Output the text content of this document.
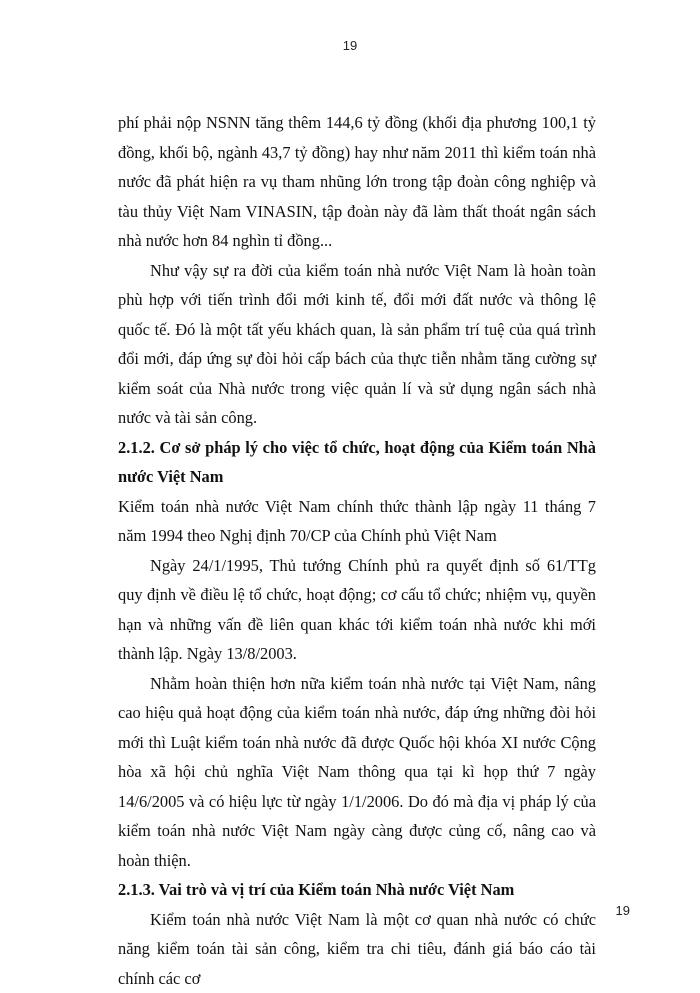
19

phí phải nộp NSNN tăng thêm 144,6 tỷ đồng (khối địa phương 100,1 tỷ đồng, khối bộ, ngành 43,7 tỷ đồng) hay như năm 2011 thì kiểm toán nhà nước đã phát hiện ra vụ tham nhũng lớn trong tập đoàn công nghiệp và tàu thủy Việt Nam VINASIN, tập đoàn này đã làm thất thoát ngân sách nhà nước hơn 84 nghìn tỉ đồng...

Như vậy sự ra đời của kiểm toán nhà nước Việt Nam là hoàn toàn phù hợp với tiến trình đổi mới kinh tế, đổi mới đất nước và thông lệ quốc tế. Đó là một tất yếu khách quan, là sản phẩm trí tuệ của quá trình đổi mới, đáp ứng sự đòi hỏi cấp bách của thực tiễn nhằm tăng cường sự kiểm soát của Nhà nước trong việc quản lí và sử dụng ngân sách nhà nước và tài sản công.

2.1.2. Cơ sở pháp lý cho việc tổ chức, hoạt động của Kiểm toán Nhà nước Việt Nam

Kiểm toán nhà nước Việt Nam chính thức thành lập ngày 11 tháng 7 năm 1994 theo Nghị định 70/CP của Chính phủ Việt Nam

Ngày 24/1/1995, Thủ tướng Chính phủ ra quyết định số 61/TTg quy định về điều lệ tổ chức, hoạt động; cơ cấu tổ chức; nhiệm vụ, quyền hạn và những vấn đề liên quan khác tới kiểm toán nhà nước khi mới thành lập. Ngày 13/8/2003.

Nhằm hoàn thiện hơn nữa kiểm toán nhà nước tại Việt Nam, nâng cao hiệu quả hoạt động của kiểm toán nhà nước, đáp ứng những đòi hỏi mới thì Luật kiểm toán nhà nước đã được Quốc hội khóa XI nước Cộng hòa xã hội chủ nghĩa Việt Nam thông qua tại kì họp thứ 7 ngày 14/6/2005 và có hiệu lực từ ngày 1/1/2006. Do đó mà địa vị pháp lý của kiểm toán nhà nước Việt Nam ngày càng được củng cố, nâng cao và hoàn thiện.

2.1.3. Vai trò và vị trí của Kiểm toán Nhà nước Việt Nam

Kiểm toán nhà nước Việt Nam là một cơ quan nhà nước có chức năng kiểm toán tài sản công, kiểm tra chi tiêu, đánh giá báo cáo tài chính các cơ

19
